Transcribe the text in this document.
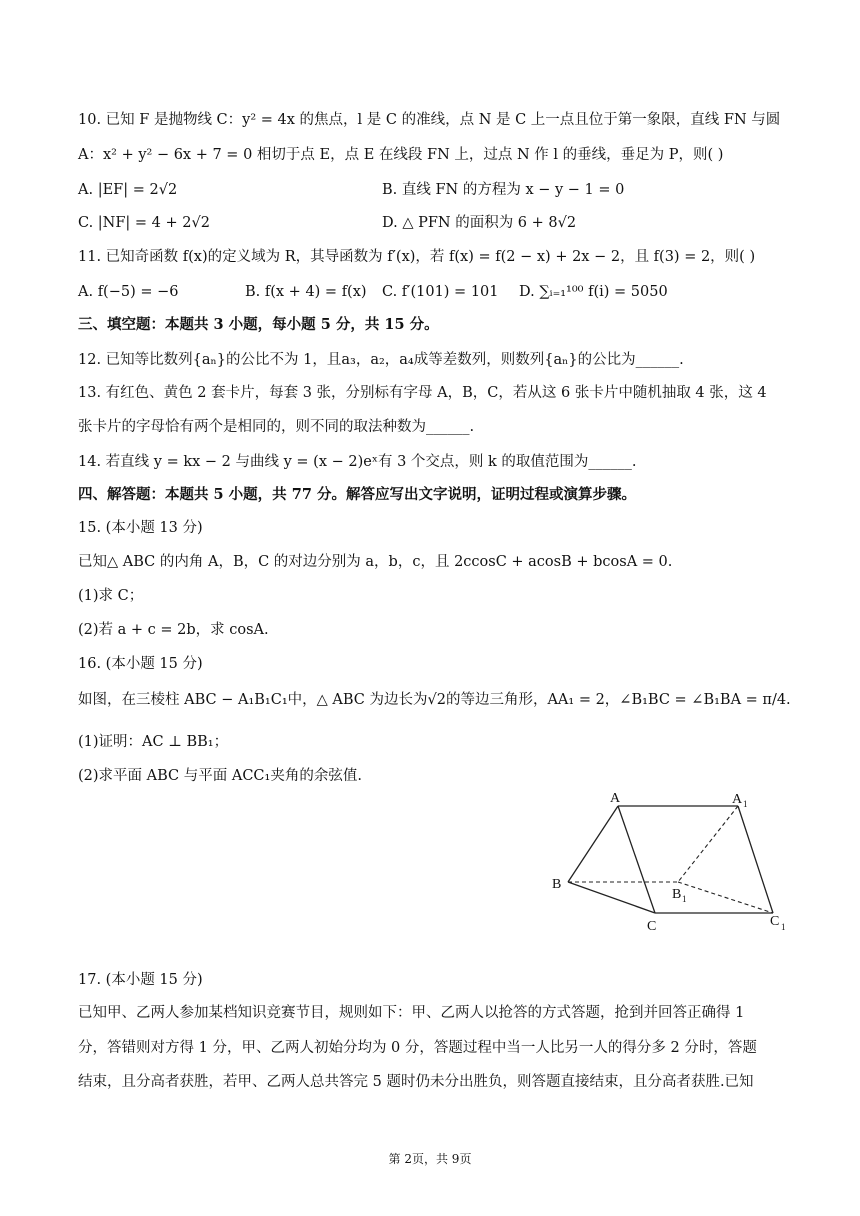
10. 已知 F 是抛物线 C：y² = 4x 的焦点，l 是 C 的准线，点 N 是 C 上一点且位于第一象限，直线 FN 与圆
A：x² + y² − 6x + 7 = 0 相切于点 E，点 E 在线段 FN 上，过点 N 作 l 的垂线，垂足为 P，则( )
A. |EF| = 2√2	B. 直线 FN 的方程为 x − y − 1 = 0
C. |NF| = 4 + 2√2	D. △ PFN 的面积为 6 + 8√2
11. 已知奇函数 f(x)的定义域为 R，其导函数为 f′(x)，若 f(x) = f(2 − x) + 2x − 2，且 f(3) = 2，则( )
A. f(−5) = −6	B. f(x + 4) = f(x) C. f′(101) = 101 D. ∑ᵢ₌₁¹⁰⁰ f(i) = 5050
三、填空题：本题共 3 小题，每小题 5 分，共 15 分。
12. 已知等比数列{aₙ}的公比不为 1，且a₃，a₂，a₄成等差数列，则数列{aₙ}的公比为______.
13. 有红色、黄色 2 套卡片，每套 3 张，分别标有字母 A，B，C，若从这 6 张卡片中随机抽取 4 张，这 4
张卡片的字母恰有两个是相同的，则不同的取法种数为______.
14. 若直线 y = kx − 2 与曲线 y = (x − 2)eˣ有 3 个交点，则 k 的取值范围为______.
四、解答题：本题共 5 小题，共 77 分。解答应写出文字说明，证明过程或演算步骤。
15. (本小题 13 分)
已知△ ABC 的内角 A，B，C 的对边分别为 a，b，c，且 2ccosC + acosB + bcosA = 0.
(1)求 C；
(2)若 a + c = 2b，求 cosA.
16. (本小题 15 分)
如图，在三棱柱 ABC − A₁B₁C₁中，△ ABC 为边长为√2的等边三角形，AA₁ = 2，∠B₁BC = ∠B₁BA = π/4.
(1)证明：AC ⊥ BB₁；
(2)求平面 ABC 与平面 ACC₁夹角的余弦值.
A	A 1
B
B 1
C	C 1
17. (本小题 15 分)
已知甲、乙两人参加某档知识竞赛节目，规则如下：甲、乙两人以抢答的方式答题，抢到并回答正确得 1
分，答错则对方得 1 分，甲、乙两人初始分均为 0 分，答题过程中当一人比另一人的得分多 2 分时，答题
结束，且分高者获胜，若甲、乙两人总共答完 5 题时仍未分出胜负，则答题直接结束，且分高者获胜.已知
第 2页，共 9页
